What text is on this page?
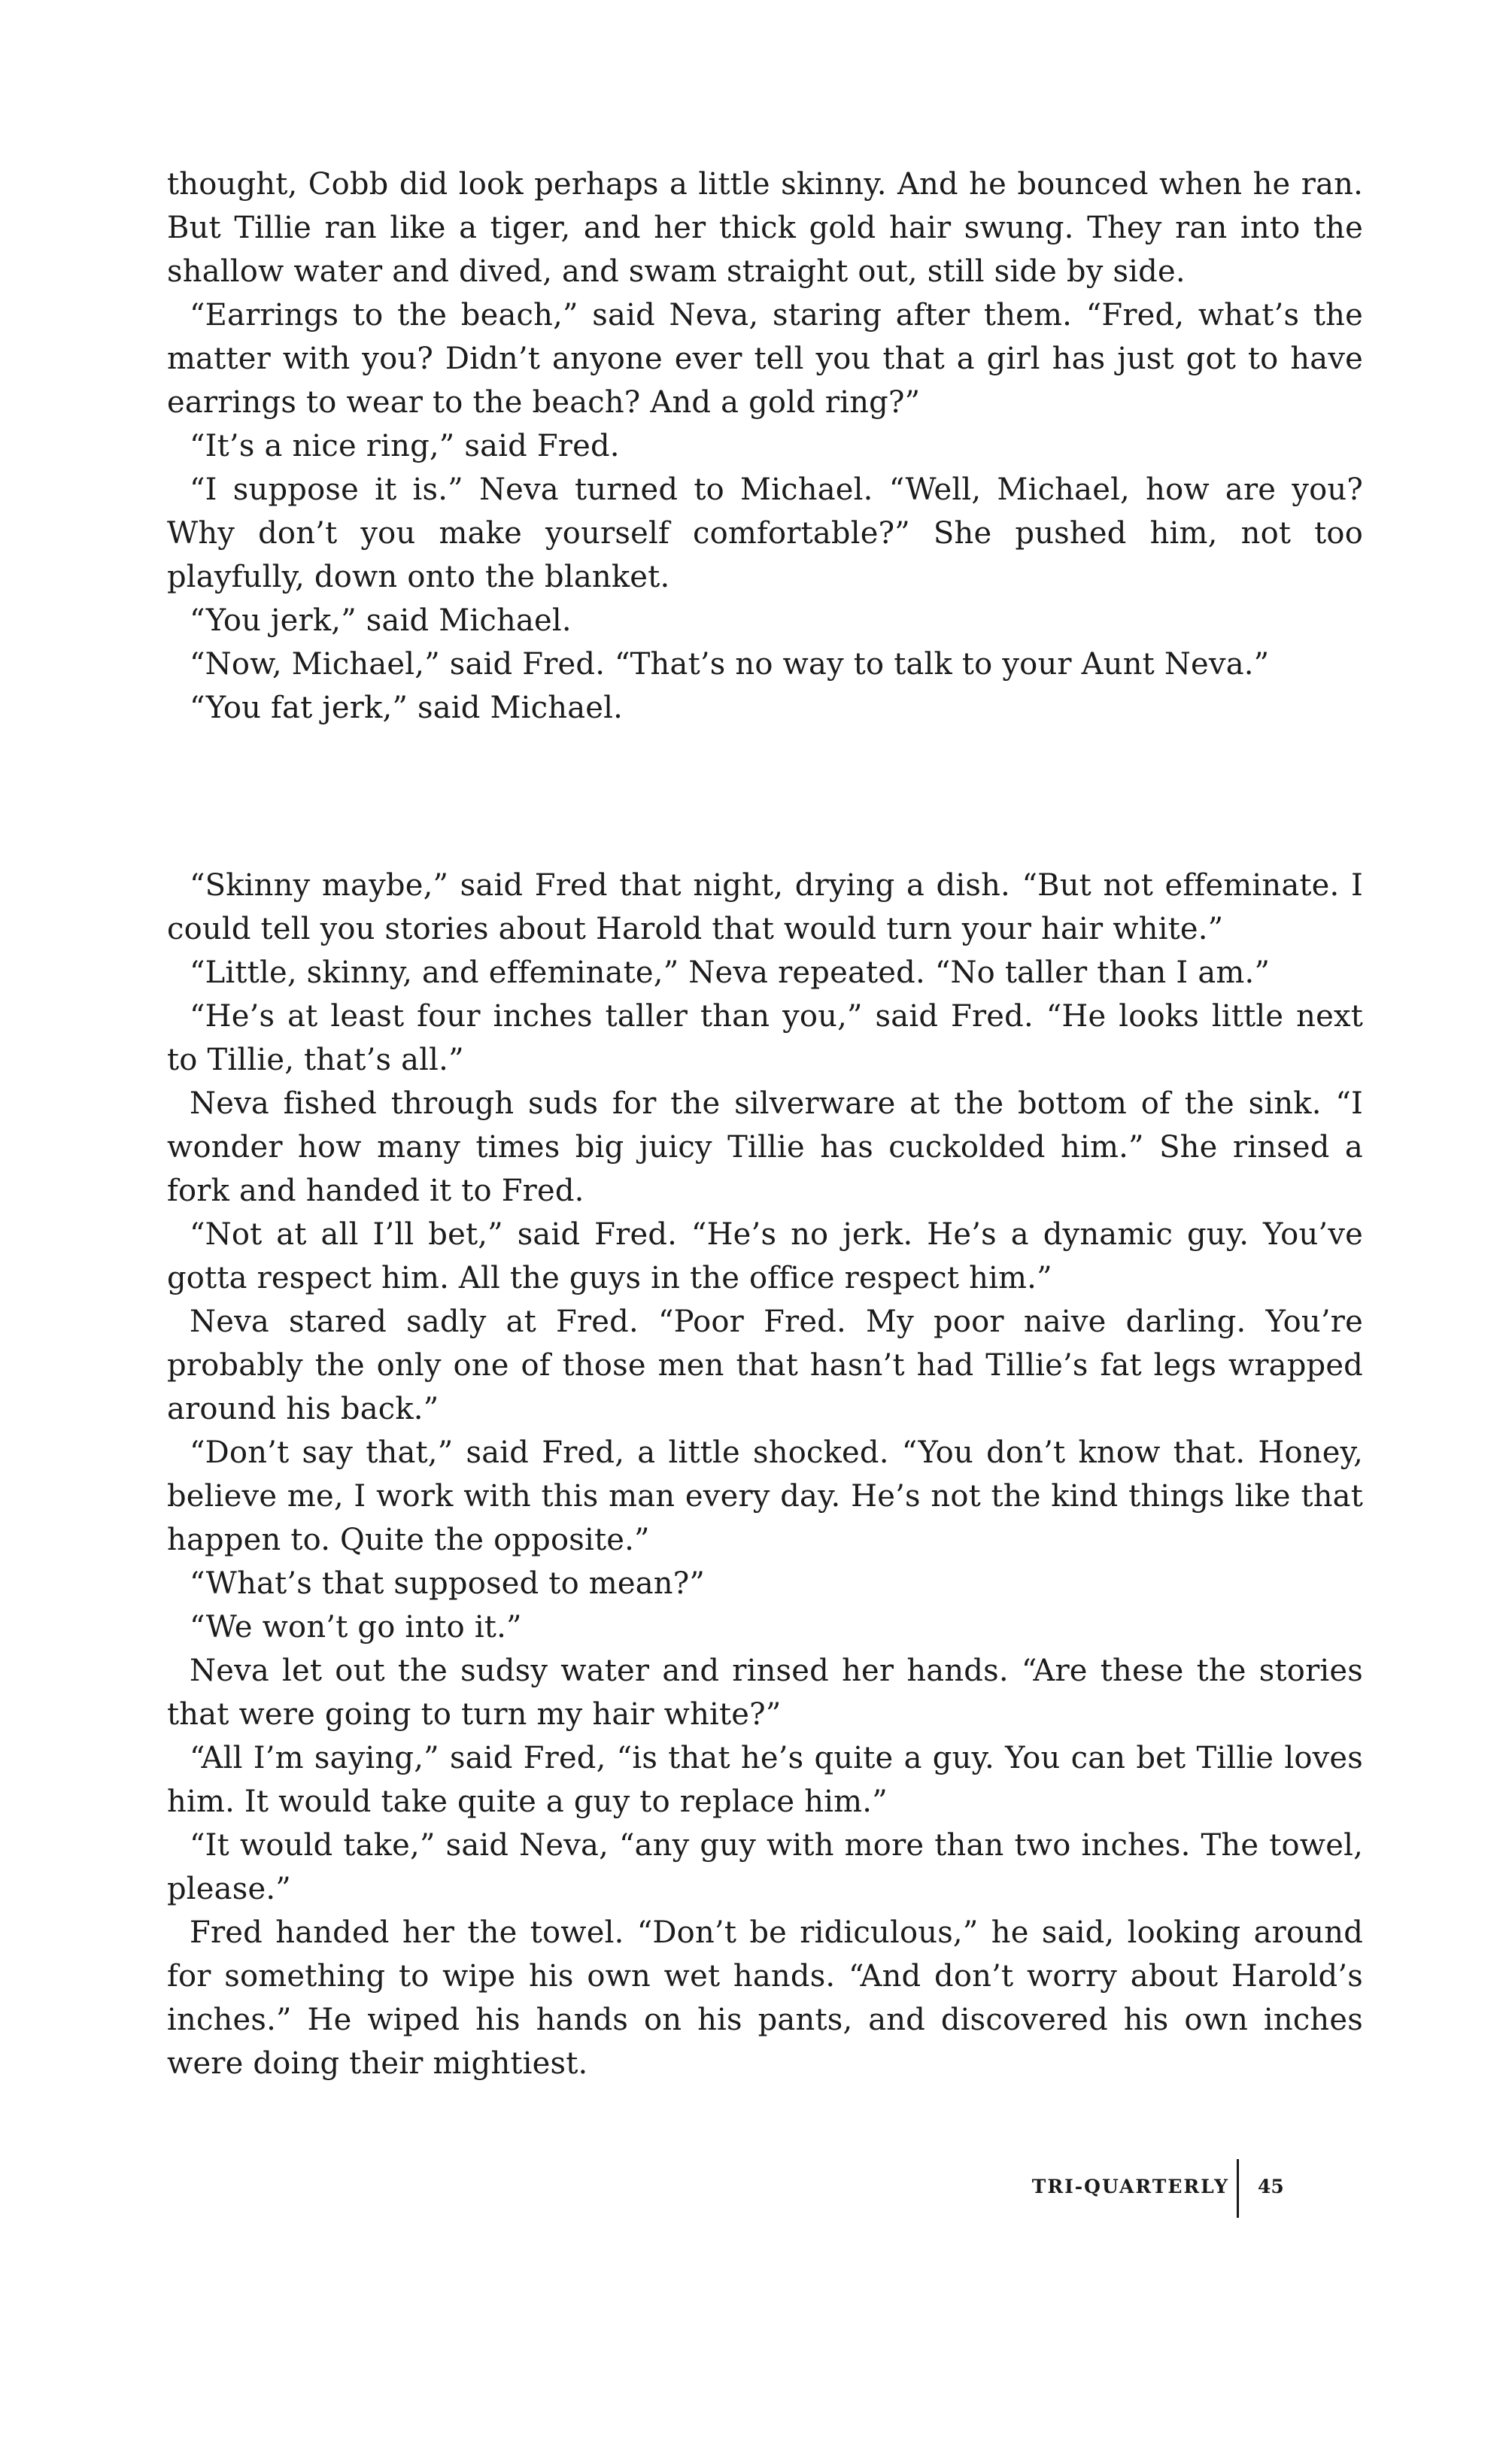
thought, Cobb did look perhaps a little skinny. And he bounced when he ran. But Tillie ran like a tiger, and her thick gold hair swung. They ran into the shallow water and dived, and swam straight out, still side by side.

“Earrings to the beach,” said Neva, staring after them. “Fred, what’s the matter with you? Didn’t anyone ever tell you that a girl has just got to have earrings to wear to the beach? And a gold ring?”

“It’s a nice ring,” said Fred.

“I suppose it is.” Neva turned to Michael. “Well, Michael, how are you? Why don’t you make yourself comfortable?” She pushed him, not too playfully, down onto the blanket.

“You jerk,” said Michael.

“Now, Michael,” said Fred. “That’s no way to talk to your Aunt Neva.”

“You fat jerk,” said Michael.

“Skinny maybe,” said Fred that night, drying a dish. “But not effeminate. I could tell you stories about Harold that would turn your hair white.”

“Little, skinny, and effeminate,” Neva repeated. “No taller than I am.”

“He’s at least four inches taller than you,” said Fred. “He looks little next to Tillie, that’s all.”

Neva fished through suds for the silverware at the bottom of the sink. “I wonder how many times big juicy Tillie has cuckolded him.” She rinsed a fork and handed it to Fred.

“Not at all I’ll bet,” said Fred. “He’s no jerk. He’s a dynamic guy. You’ve gotta respect him. All the guys in the office respect him.”

Neva stared sadly at Fred. “Poor Fred. My poor naive darling. You’re probably the only one of those men that hasn’t had Tillie’s fat legs wrapped around his back.”

“Don’t say that,” said Fred, a little shocked. “You don’t know that. Honey, believe me, I work with this man every day. He’s not the kind things like that happen to. Quite the opposite.”

“What’s that supposed to mean?”

“We won’t go into it.”

Neva let out the sudsy water and rinsed her hands. “Are these the stories that were going to turn my hair white?”

“All I’m saying,” said Fred, “is that he’s quite a guy. You can bet Tillie loves him. It would take quite a guy to replace him.”

“It would take,” said Neva, “any guy with more than two inches. The towel, please.”

Fred handed her the towel. “Don’t be ridiculous,” he said, looking around for something to wipe his own wet hands. “And don’t worry about Harold’s inches.” He wiped his hands on his pants, and discovered his own inches were doing their mightiest.

TRI-QUARTERLY 45
